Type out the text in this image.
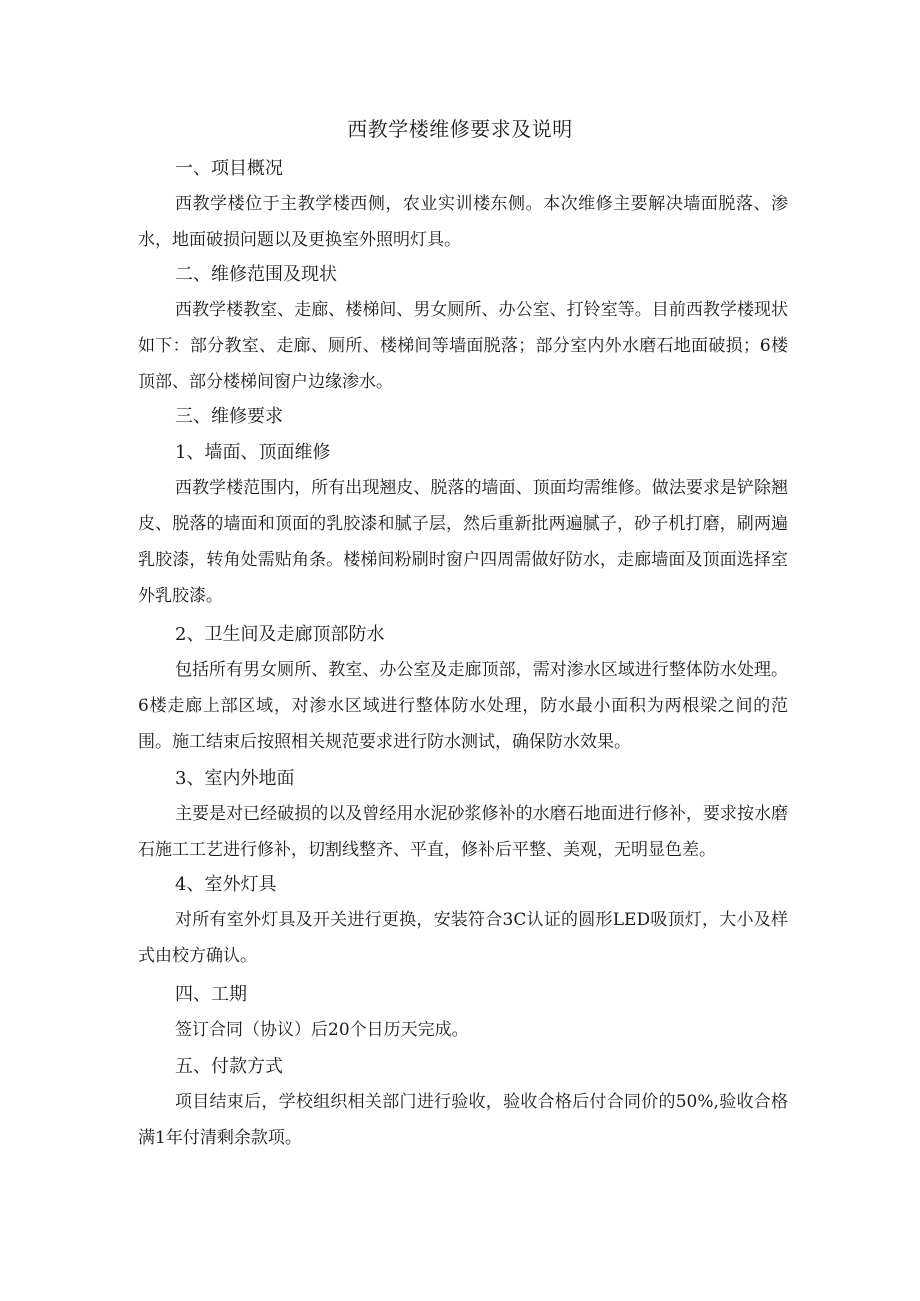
西教学楼维修要求及说明
一、项目概况
西教学楼位于主教学楼西侧，农业实训楼东侧。本次维修主要解决墙面脱落、渗水，地面破损问题以及更换室外照明灯具。
二、维修范围及现状
西教学楼教室、走廊、楼梯间、男女厕所、办公室、打铃室等。目前西教学楼现状如下：部分教室、走廊、厕所、楼梯间等墙面脱落；部分室内外水磨石地面破损；6楼顶部、部分楼梯间窗户边缘渗水。
三、维修要求
1、墙面、顶面维修
西教学楼范围内，所有出现翘皮、脱落的墙面、顶面均需维修。做法要求是铲除翘皮、脱落的墙面和顶面的乳胶漆和腻子层，然后重新批两遍腻子，砂子机打磨，刷两遍乳胶漆，转角处需贴角条。楼梯间粉刷时窗户四周需做好防水，走廊墙面及顶面选择室外乳胶漆。
2、卫生间及走廊顶部防水
包括所有男女厕所、教室、办公室及走廊顶部，需对渗水区域进行整体防水处理。6楼走廊上部区域，对渗水区域进行整体防水处理，防水最小面积为两根梁之间的范围。施工结束后按照相关规范要求进行防水测试，确保防水效果。
3、室内外地面
主要是对已经破损的以及曾经用水泥砂浆修补的水磨石地面进行修补，要求按水磨石施工工艺进行修补，切割线整齐、平直，修补后平整、美观，无明显色差。
4、室外灯具
对所有室外灯具及开关进行更换，安装符合3C认证的圆形LED吸顶灯，大小及样式由校方确认。
四、工期
签订合同（协议）后20个日历天完成。
五、付款方式
项目结束后，学校组织相关部门进行验收，验收合格后付合同价的50%,验收合格满1年付清剩余款项。
